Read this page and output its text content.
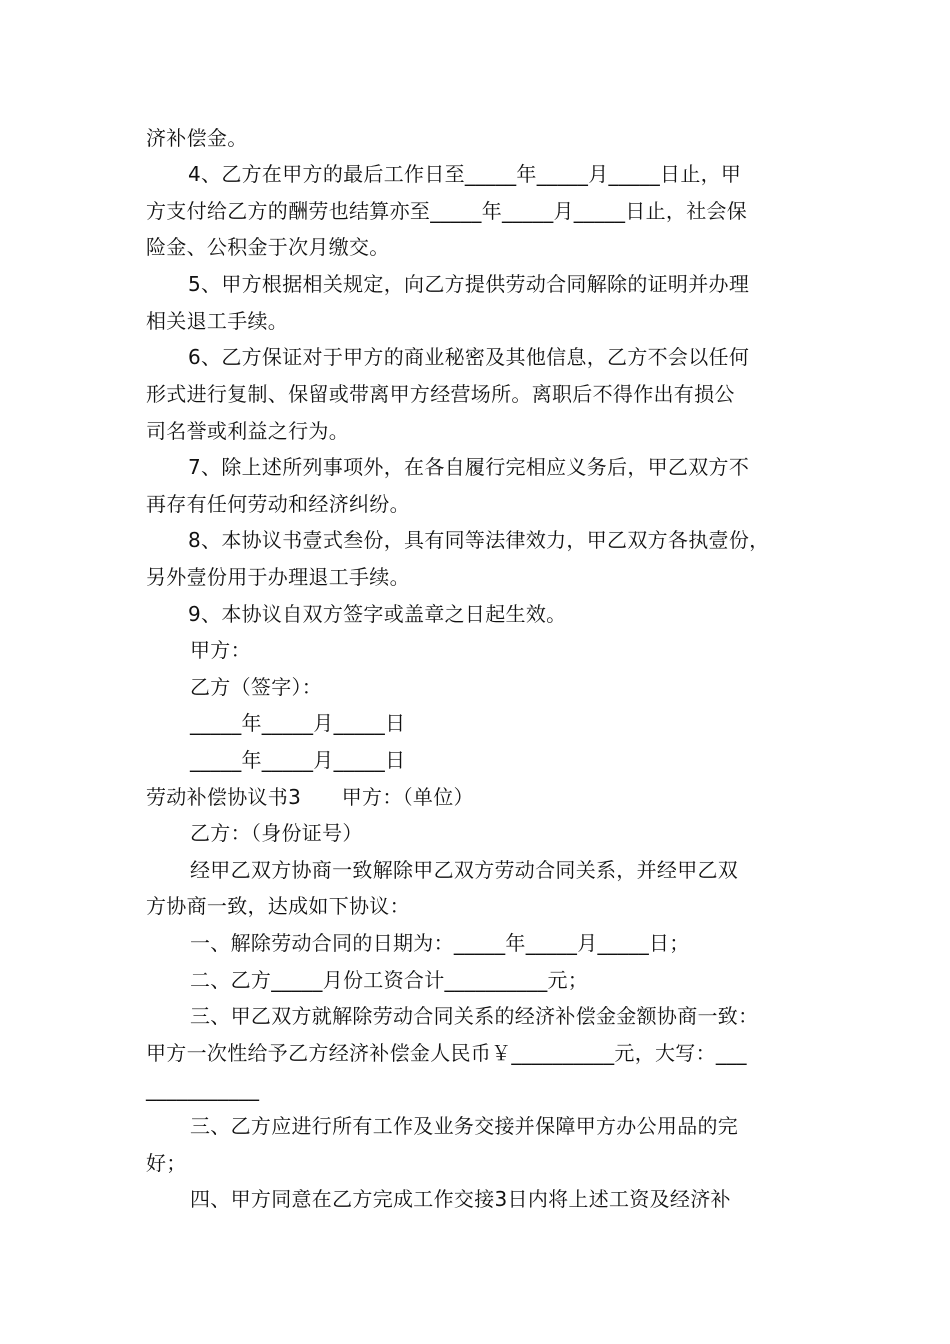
济补偿金。
4、乙方在甲方的最后工作日至_____年_____月_____日止，甲
方支付给乙方的酬劳也结算亦至_____年_____月_____日止，社会保
险金、公积金于次月缴交。
5、甲方根据相关规定，向乙方提供劳动合同解除的证明并办理
相关退工手续。
6、乙方保证对于甲方的商业秘密及其他信息，乙方不会以任何
形式进行复制、保留或带离甲方经营场所。离职后不得作出有损公
司名誉或利益之行为。
7、除上述所列事项外，在各自履行完相应义务后，甲乙双方不
再存有任何劳动和经济纠纷。
8、本协议书壹式叁份，具有同等法律效力，甲乙双方各执壹份，
另外壹份用于办理退工手续。
9、本协议自双方签字或盖章之日起生效。
甲方：
乙方（签字）：
_____年_____月_____日
_____年_____月_____日
劳动补偿协议书3　　甲方：（单位）
乙方：（身份证号）
经甲乙双方协商一致解除甲乙双方劳动合同关系，并经甲乙双
方协商一致，达成如下协议：
一、解除劳动合同的日期为：_____年_____月_____日；
二、乙方_____月份工资合计__________元；
三、甲乙双方就解除劳动合同关系的经济补偿金金额协商一致：
甲方一次性给予乙方经济补偿金人民币￥__________元，大写：___
___________
三、乙方应进行所有工作及业务交接并保障甲方办公用品的完
好；
四、甲方同意在乙方完成工作交接3日内将上述工资及经济补
